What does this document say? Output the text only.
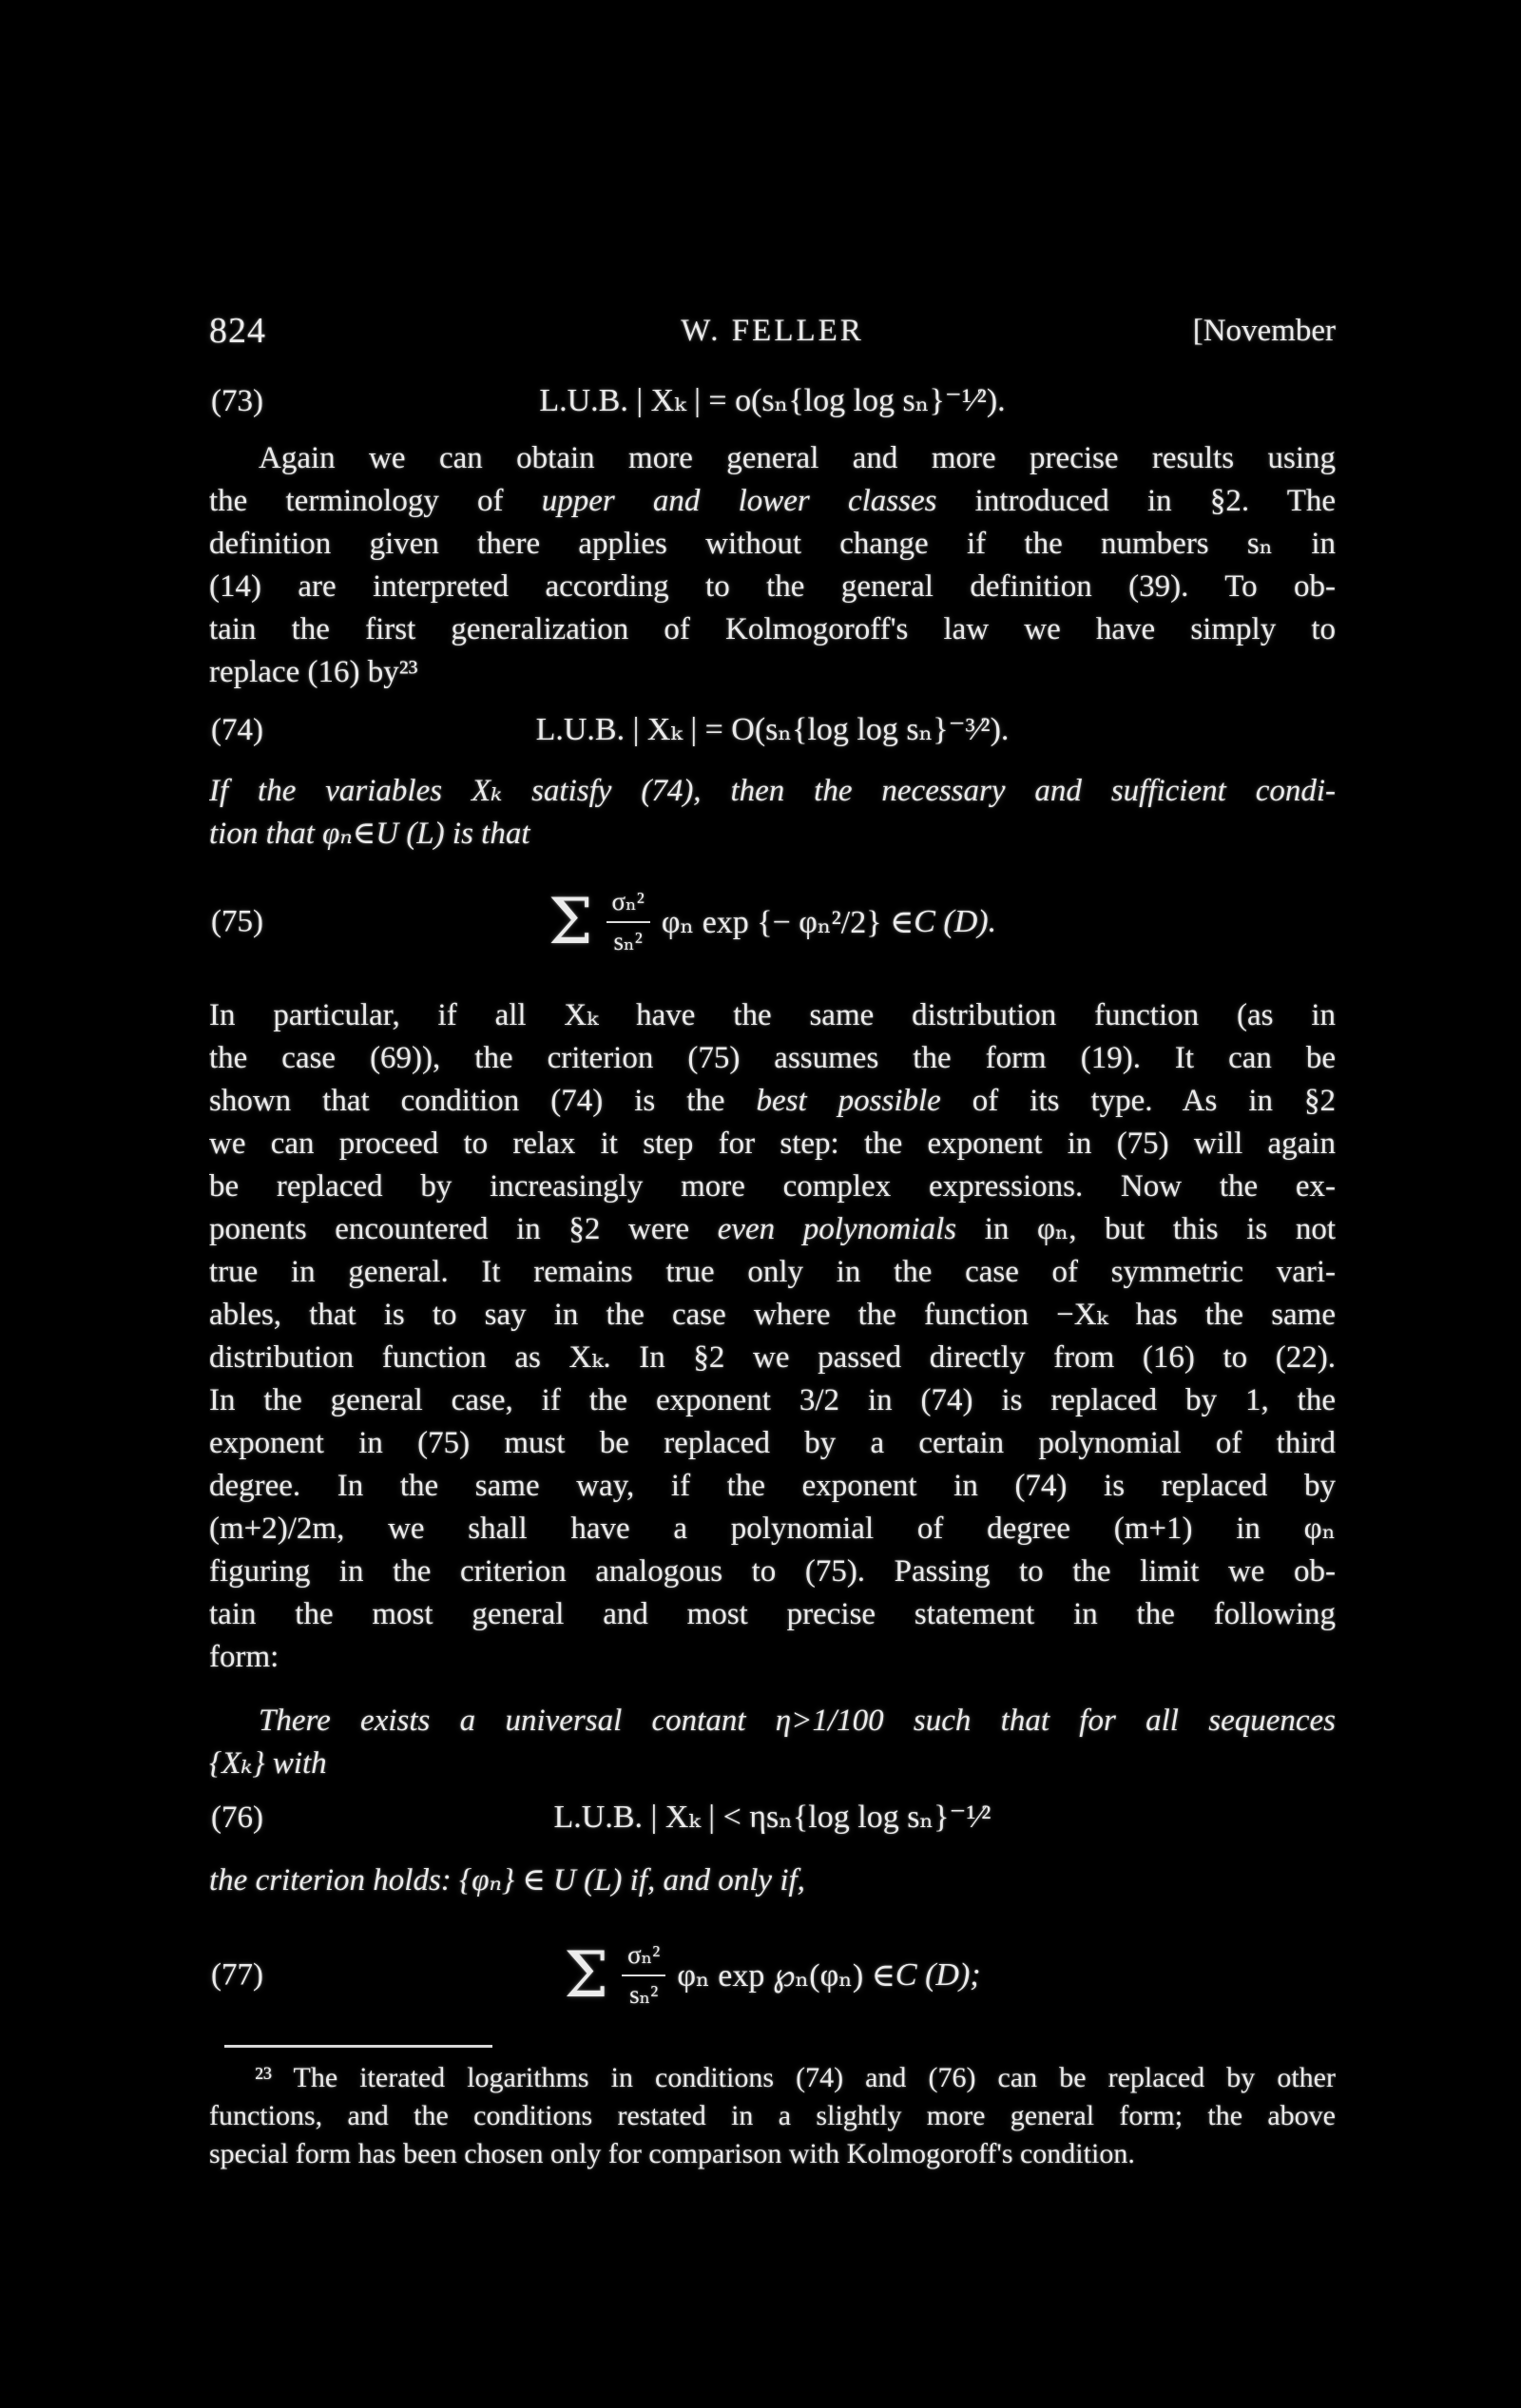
824	W. FELLER	[November
(73)	L.U.B. | Xₖ | = o(sₙ{log log sₙ}⁻¹⁄²).
Again we can obtain more general and more precise results using
the terminology of upper and lower classes introduced in §2. The
definition given there applies without change if the numbers sₙ in
(14) are interpreted according to the general definition (39). To ob-
tain the first generalization of Kolmogoroff's law we have simply to
replace (16) by²³
(74)	L.U.B. | Xₖ | = O(sₙ{log log sₙ}⁻³⁄²).
If the variables Xₖ satisfy (74), then the necessary and sufficient condi-
tion that φₙ∈U (L) is that
(75)	Σ $\frac{\text{σₙ²}}{\text{sₙ²}}$ φₙ exp {− φₙ²/2} ∈ C (D).
In particular, if all Xₖ have the same distribution function (as in
the case (69)), the criterion (75) assumes the form (19). It can be
shown that condition (74) is the best possible of its type. As in §2
we can proceed to relax it step for step: the exponent in (75) will again
be replaced by increasingly more complex expressions. Now the ex-
ponents encountered in §2 were even polynomials in φₙ, but this is not
true in general. It remains true only in the case of symmetric vari-
ables, that is to say in the case where the function −Xₖ has the same
distribution function as Xₖ. In §2 we passed directly from (16) to (22).
In the general case, if the exponent 3/2 in (74) is replaced by 1, the
exponent in (75) must be replaced by a certain polynomial of third
degree. In the same way, if the exponent in (74) is replaced by
(m+2)/2m, we shall have a polynomial of degree (m+1) in φₙ
figuring in the criterion analogous to (75). Passing to the limit we ob-
tain the most general and most precise statement in the following
form:
There exists a universal contant η>1/100 such that for all sequences
{Xₖ} with
(76)	L.U.B. | Xₖ | < ηsₙ{log log sₙ}⁻¹⁄²
the criterion holds: {φₙ} ∈ U (L) if, and only if,
(77)	Σ $\frac{\text{σₙ²}}{\text{sₙ²}}$ φₙ exp ℘ₙ(φₙ) ∈ C (D);
²³ The iterated logarithms in conditions (74) and (76) can be replaced by other
functions, and the conditions restated in a slightly more general form; the above
special form has been chosen only for comparison with Kolmogoroff's condition.
